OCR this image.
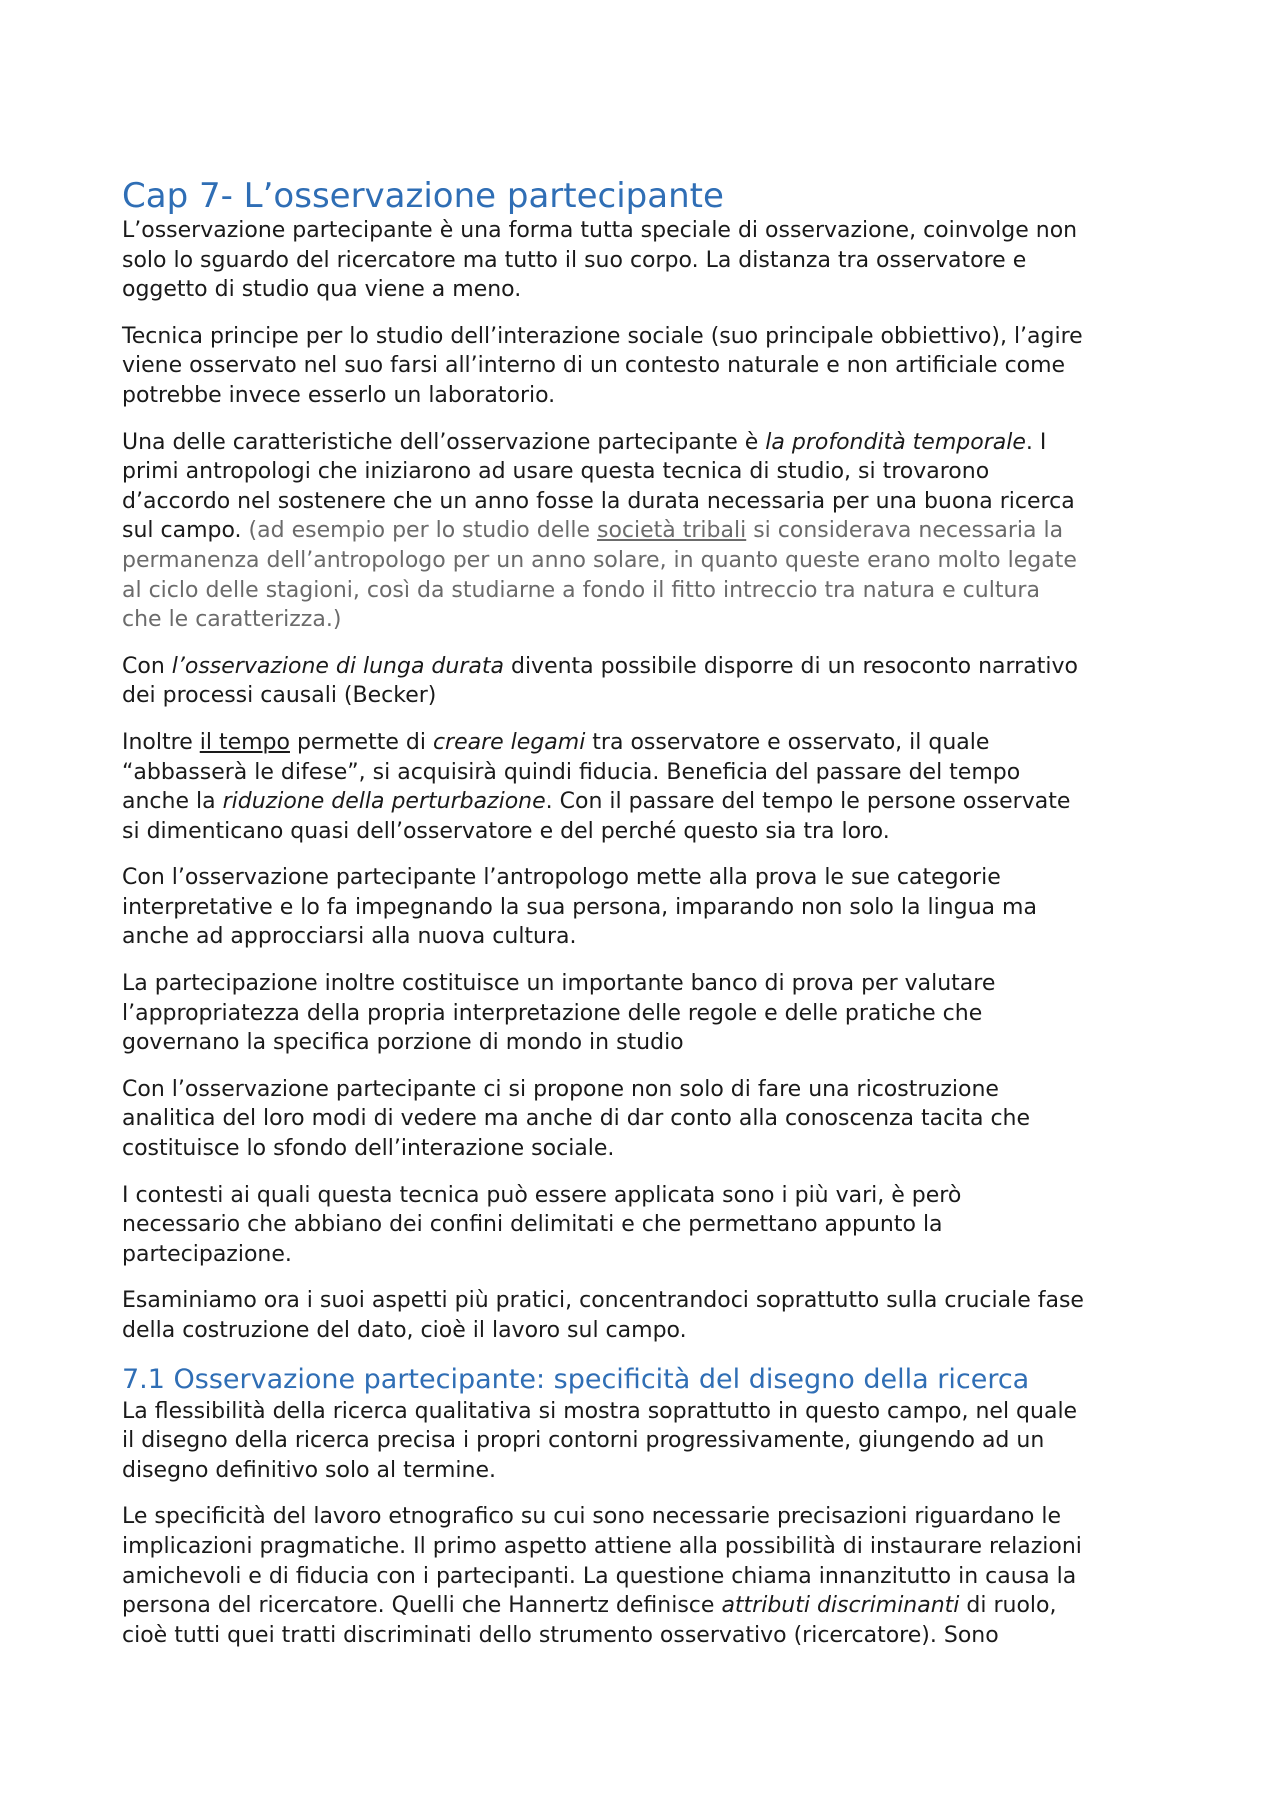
Cap 7- L’osservazione partecipante

L’osservazione partecipante è una forma tutta speciale di osservazione, coinvolge non
solo lo sguardo del ricercatore ma tutto il suo corpo. La distanza tra osservatore e
oggetto di studio qua viene a meno.

Tecnica principe per lo studio dell’interazione sociale (suo principale obbiettivo), l’agire
viene osservato nel suo farsi all’interno di un contesto naturale e non artificiale come
potrebbe invece esserlo un laboratorio.

Una delle caratteristiche dell’osservazione partecipante è la profondità temporale. I
primi antropologi che iniziarono ad usare questa tecnica di studio, si trovarono
d’accordo nel sostenere che un anno fosse la durata necessaria per una buona ricerca
sul campo. (ad esempio per lo studio delle società tribali si considerava necessaria la
permanenza dell’antropologo per un anno solare, in quanto queste erano molto legate
al ciclo delle stagioni, così da studiarne a fondo il fitto intreccio tra natura e cultura
che le caratterizza.)

Con l’osservazione di lunga durata diventa possibile disporre di un resoconto narrativo
dei processi causali (Becker)

Inoltre il tempo permette di creare legami tra osservatore e osservato, il quale
“abbasserà le difese”, si acquisirà quindi fiducia. Beneficia del passare del tempo
anche la riduzione della perturbazione. Con il passare del tempo le persone osservate
si dimenticano quasi dell’osservatore e del perché questo sia tra loro.

Con l’osservazione partecipante l’antropologo mette alla prova le sue categorie
interpretative e lo fa impegnando la sua persona, imparando non solo la lingua ma
anche ad approcciarsi alla nuova cultura.

La partecipazione inoltre costituisce un importante banco di prova per valutare
l’appropriatezza della propria interpretazione delle regole e delle pratiche che
governano la specifica porzione di mondo in studio

Con l’osservazione partecipante ci si propone non solo di fare una ricostruzione
analitica del loro modi di vedere ma anche di dar conto alla conoscenza tacita che
costituisce lo sfondo dell’interazione sociale.

I contesti ai quali questa tecnica può essere applicata sono i più vari, è però
necessario che abbiano dei confini delimitati e che permettano appunto la
partecipazione.

Esaminiamo ora i suoi aspetti più pratici, concentrandoci soprattutto sulla cruciale fase
della costruzione del dato, cioè il lavoro sul campo.

7.1 Osservazione partecipante: specificità del disegno della ricerca

La flessibilità della ricerca qualitativa si mostra soprattutto in questo campo, nel quale
il disegno della ricerca precisa i propri contorni progressivamente, giungendo ad un
disegno definitivo solo al termine.

Le specificità del lavoro etnografico su cui sono necessarie precisazioni riguardano le
implicazioni pragmatiche. Il primo aspetto attiene alla possibilità di instaurare relazioni
amichevoli e di fiducia con i partecipanti. La questione chiama innanzitutto in causa la
persona del ricercatore. Quelli che Hannertz definisce attributi discriminanti di ruolo,
cioè tutti quei tratti discriminati dello strumento osservativo (ricercatore). Sono
